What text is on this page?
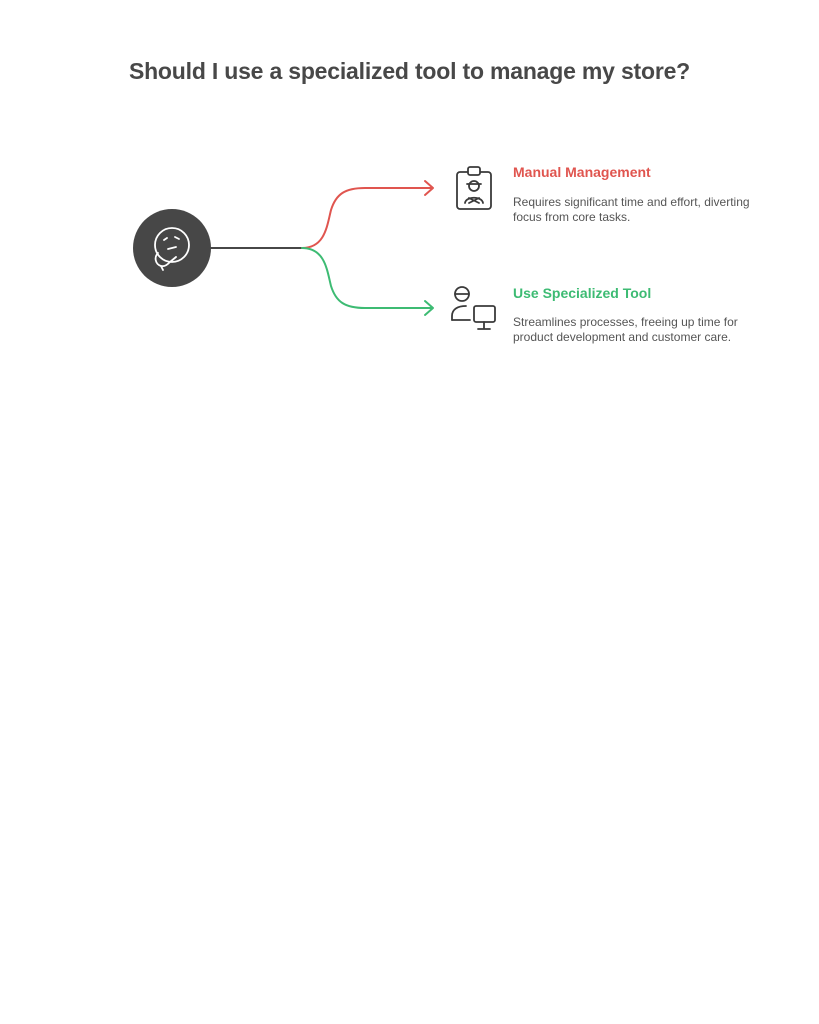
Should I use a specialized tool to manage my store?
Manual Management
Requires significant time and effort, diverting focus from core tasks.
Use Specialized Tool
Streamlines processes, freeing up time for product development and customer care.
